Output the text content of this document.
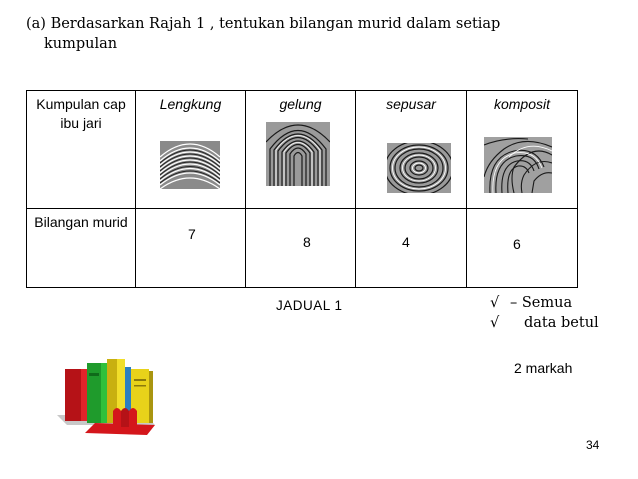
(a) Berdasarkan Rajah 1 , tentukan bilangan murid dalam setiap
kumpulan
Kumpulan cap ibu jari	Lengkung	gelung	sepusar	komposit

Bilangan murid	7	8	4	6
JADUAL 1	√ – Semua
√ data betul
2 markah
34
